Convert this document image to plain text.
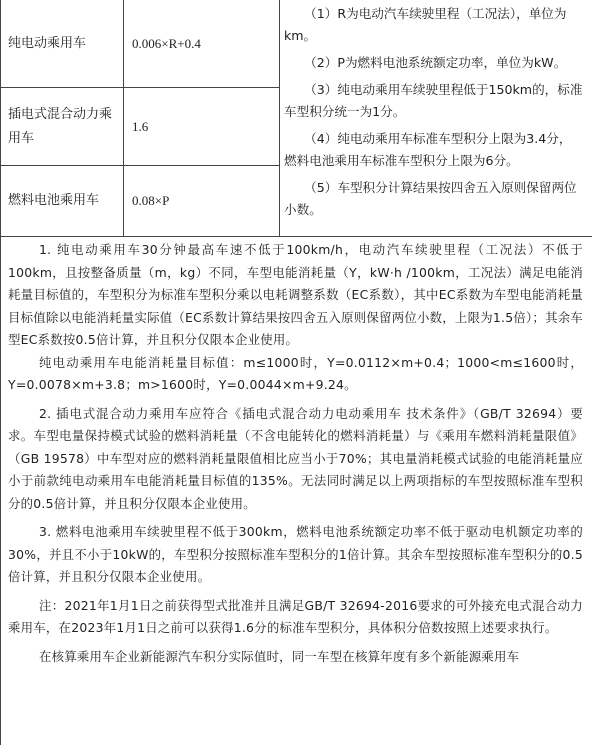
纯电动乘用车	0.006×R+0.4
插电式混合动力乘用车
1.6
燃料电池乘用车	0.08×P

（1）R为电动汽车续驶里程（工况法），单位为km。

（2）P为燃料电池系统额定功率，单位为kW。

（3）纯电动乘用车续驶里程低于150km的，标准车型积分统一为1分。

（4）纯电动乘用车标准车型积分上限为3.4分，燃料电池乘用车标准车型积分上限为6分。

（5）车型积分计算结果按四舍五入原则保留两位小数。

1. 纯电动乘用车30分钟最高车速不低于100km/h，电动汽车续驶里程（工况法）不低于100km，且按整备质量（m，kg）不同，车型电能消耗量（Y，kW·h /100km，工况法）满足电能消耗量目标值的，车型积分为标准车型积分乘以电耗调整系数（EC系数），其中EC系数为车型电能消耗量目标值除以电能消耗量实际值（EC系数计算结果按四舍五入原则保留两位小数，上限为1.5倍）；其余车型EC系数按0.5倍计算，并且积分仅限本企业使用。

纯电动乘用车电能消耗量目标值：m≤1000时，Y=0.0112×m+0.4；1000<m≤1600时，Y=0.0078×m+3.8；m>1600时，Y=0.0044×m+9.24。

2. 插电式混合动力乘用车应符合《插电式混合动力电动乘用车 技术条件》（GB/T 32694）要求。车型电量保持模式试验的燃料消耗量（不含电能转化的燃料消耗量）与《乘用车燃料消耗量限值》（GB 19578）中车型对应的燃料消耗量限值相比应当小于70%；其电量消耗模式试验的电能消耗量应小于前款纯电动乘用车电能消耗量目标值的135%。无法同时满足以上两项指标的车型按照标准车型积分的0.5倍计算，并且积分仅限本企业使用。

3. 燃料电池乘用车续驶里程不低于300km，燃料电池系统额定功率不低于驱动电机额定功率的30%，并且不小于10kW的，车型积分按照标准车型积分的1倍计算。其余车型按照标准车型积分的0.5倍计算，并且积分仅限本企业使用。

注：2021年1月1日之前获得型式批准并且满足GB/T 32694-2016要求的可外接充电式混合动力乘用车，在2023年1月1日之前可以获得1.6分的标准车型积分，具体积分倍数按照上述要求执行。

在核算乘用车企业新能源汽车积分实际值时，同一车型在核算年度有多个新能源乘用车
